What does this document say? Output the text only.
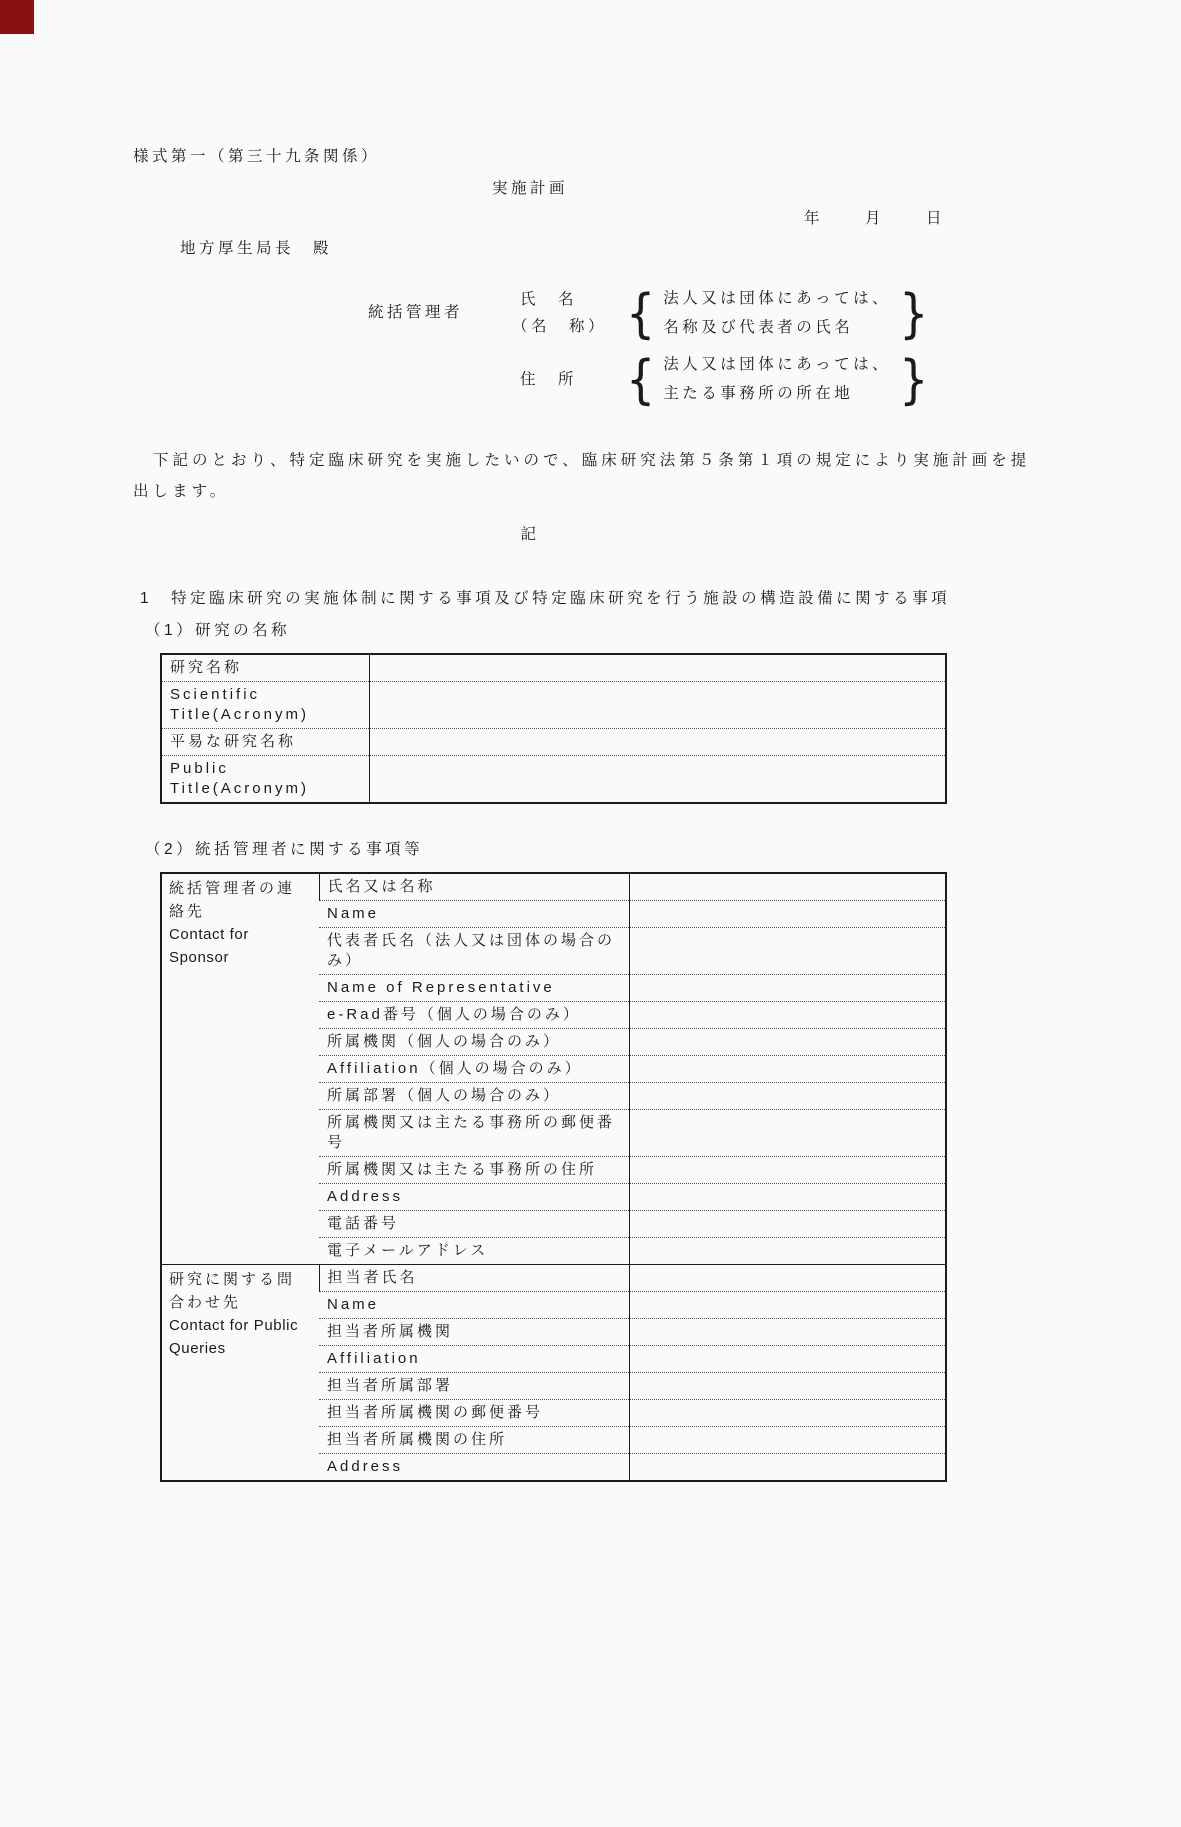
様式第一（第三十九条関係）
実施計画
年	月	日
地方厚生局長　殿
統括管理者
氏　名
（名　称） { 法人又は団体にあっては、
名称及び代表者の氏名 }
住　所	{ 法人又は団体にあっては、
主たる事務所の所在地 }

下記のとおり、特定臨床研究を実施したいので、臨床研究法第５条第１項の規定により実施計画を提出します。

記
1　特定臨床研究の実施体制に関する事項及び特定臨床研究を行う施設の構造設備に関する事項
（1）研究の名称
研究名称	
Scientific Title(Acronym)	
平易な研究名称	
Public Title(Acronym)	
（2）統括管理者に関する事項等
統括管理者の連絡先
Contact for Sponsor	氏名又は名称	
	Name	
	代表者氏名（法人又は団体の場合のみ）	
	Name of Representative	
	e-Rad番号（個人の場合のみ）	
	所属機関（個人の場合のみ）	
	Affiliation（個人の場合のみ）	
	所属部署（個人の場合のみ）	
	所属機関又は主たる事務所の郵便番号	
	所属機関又は主たる事務所の住所	
	Address	
	電話番号	
	電子メールアドレス	

研究に関する問合わせ先
Contact for Public Queries	担当者氏名	
	Name	
	担当者所属機関	
	Affiliation	
	担当者所属部署	
	担当者所属機関の郵便番号	
	担当者所属機関の住所	
	Address	
